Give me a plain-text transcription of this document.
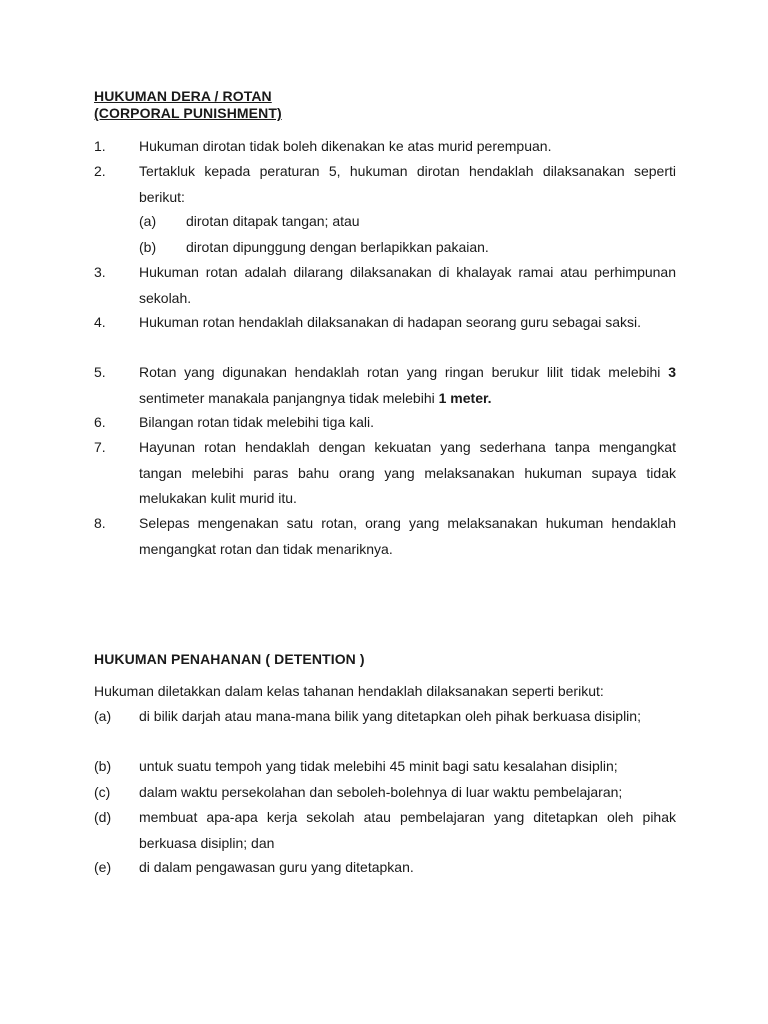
HUKUMAN DERA / ROTAN
(CORPORAL PUNISHMENT)
1. Hukuman dirotan tidak boleh dikenakan ke atas murid perempuan.
2. Tertakluk kepada peraturan 5, hukuman dirotan hendaklah dilaksanakan seperti berikut:
(a) dirotan ditapak tangan; atau
(b) dirotan dipunggung dengan berlapikkan pakaian.
3. Hukuman rotan adalah dilarang dilaksanakan di khalayak ramai atau perhimpunan sekolah.
4. Hukuman rotan hendaklah dilaksanakan di hadapan seorang guru sebagai saksi.
5. Rotan yang digunakan hendaklah rotan yang ringan berukur lilit tidak melebihi 3 sentimeter manakala panjangnya tidak melebihi 1 meter.
6. Bilangan rotan tidak melebihi tiga kali.
7. Hayunan rotan hendaklah dengan kekuatan yang sederhana tanpa mengangkat tangan melebihi paras bahu orang yang melaksanakan hukuman supaya tidak melukakan kulit murid itu.
8. Selepas mengenakan satu rotan, orang yang melaksanakan hukuman hendaklah mengangkat rotan dan tidak menariknya.
HUKUMAN PENAHANAN ( DETENTION )
Hukuman diletakkan dalam kelas tahanan hendaklah dilaksanakan seperti berikut:
(a) di bilik darjah atau mana-mana bilik yang ditetapkan oleh pihak berkuasa disiplin;
(b) untuk suatu tempoh yang tidak melebihi 45 minit bagi satu kesalahan disiplin;
(c) dalam waktu persekolahan dan seboleh-bolehnya di luar waktu pembelajaran;
(d) membuat apa-apa kerja sekolah atau pembelajaran yang ditetapkan oleh pihak berkuasa disiplin; dan
(e) di dalam pengawasan guru yang ditetapkan.
